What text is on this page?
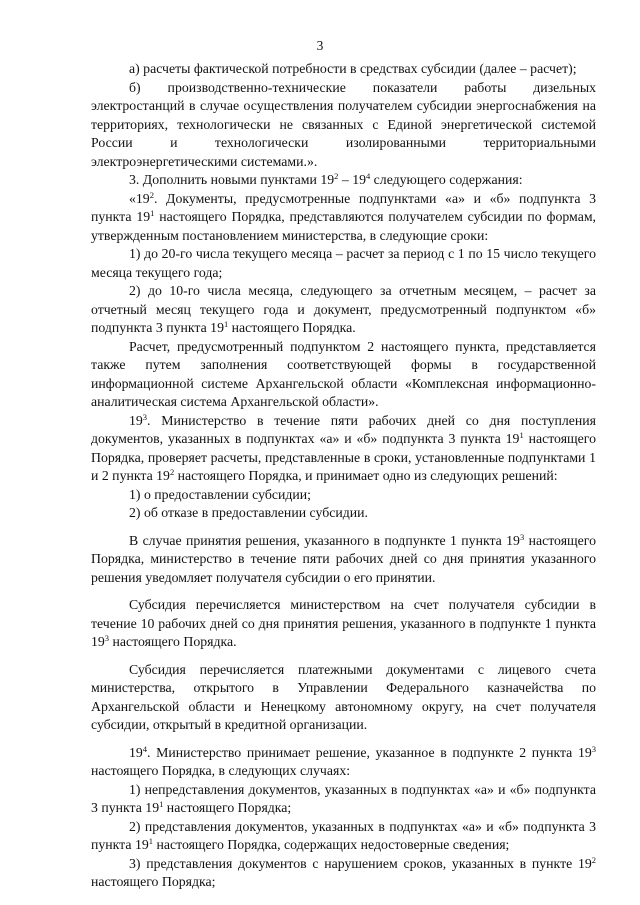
3

а) расчеты фактической потребности в средствах субсидии (далее – расчет);

б) производственно-технические показатели работы дизельных электростанций в случае осуществления получателем субсидии энергоснабжения на территориях, технологически не связанных с Единой энергетической системой России и технологически изолированными территориальными электроэнергетическими системами.».

3. Дополнить новыми пунктами $19^2 - 19^4$ следующего содержания:

«$19^2$. Документы, предусмотренные подпунктами «а» и «б» подпункта 3 пункта $19^1$ настоящего Порядка, представляются получателем субсидии по формам, утвержденным постановлением министерства, в следующие сроки:

1) до 20-го числа текущего месяца – расчет за период с 1 по 15 число текущего месяца текущего года;

2) до 10-го числа месяца, следующего за отчетным месяцем, – расчет за отчетный месяц текущего года и документ, предусмотренный подпунктом «б» подпункта 3 пункта $19^1$ настоящего Порядка.

Расчет, предусмотренный подпунктом 2 настоящего пункта, представляется также путем заполнения соответствующей формы в государственной информационной системе Архангельской области «Комплексная информационно-аналитическая система Архангельской области».

$19^3$. Министерство в течение пяти рабочих дней со дня поступления документов, указанных в подпунктах «а» и «б» подпункта 3 пункта $19^1$ настоящего Порядка, проверяет расчеты, представленные в сроки, установленные подпунктами 1 и 2 пункта $19^2$ настоящего Порядка, и принимает одно из следующих решений:

1) о предоставлении субсидии;

2) об отказе в предоставлении субсидии.

В случае принятия решения, указанного в подпункте 1 пункта $19^3$ настоящего Порядка, министерство в течение пяти рабочих дней со дня принятия указанного решения уведомляет получателя субсидии о его принятии.

Субсидия перечисляется министерством на счет получателя субсидии в течение 10 рабочих дней со дня принятия решения, указанного в подпункте 1 пункта $19^3$ настоящего Порядка.

Субсидия перечисляется платежными документами с лицевого счета министерства, открытого в Управлении Федерального казначейства по Архангельской области и Ненецкому автономному округу, на счет получателя субсидии, открытый в кредитной организации.

$19^4$. Министерство принимает решение, указанное в подпункте 2 пункта $19^3$ настоящего Порядка, в следующих случаях:

1) непредставления документов, указанных в подпунктах «а» и «б» подпункта 3 пункта $19^1$ настоящего Порядка;

2) представления документов, указанных в подпунктах «а» и «б» подпункта 3 пункта $19^1$ настоящего Порядка, содержащих недостоверные сведения;

3) представления документов с нарушением сроков, указанных в пункте $19^2$ настоящего Порядка;
